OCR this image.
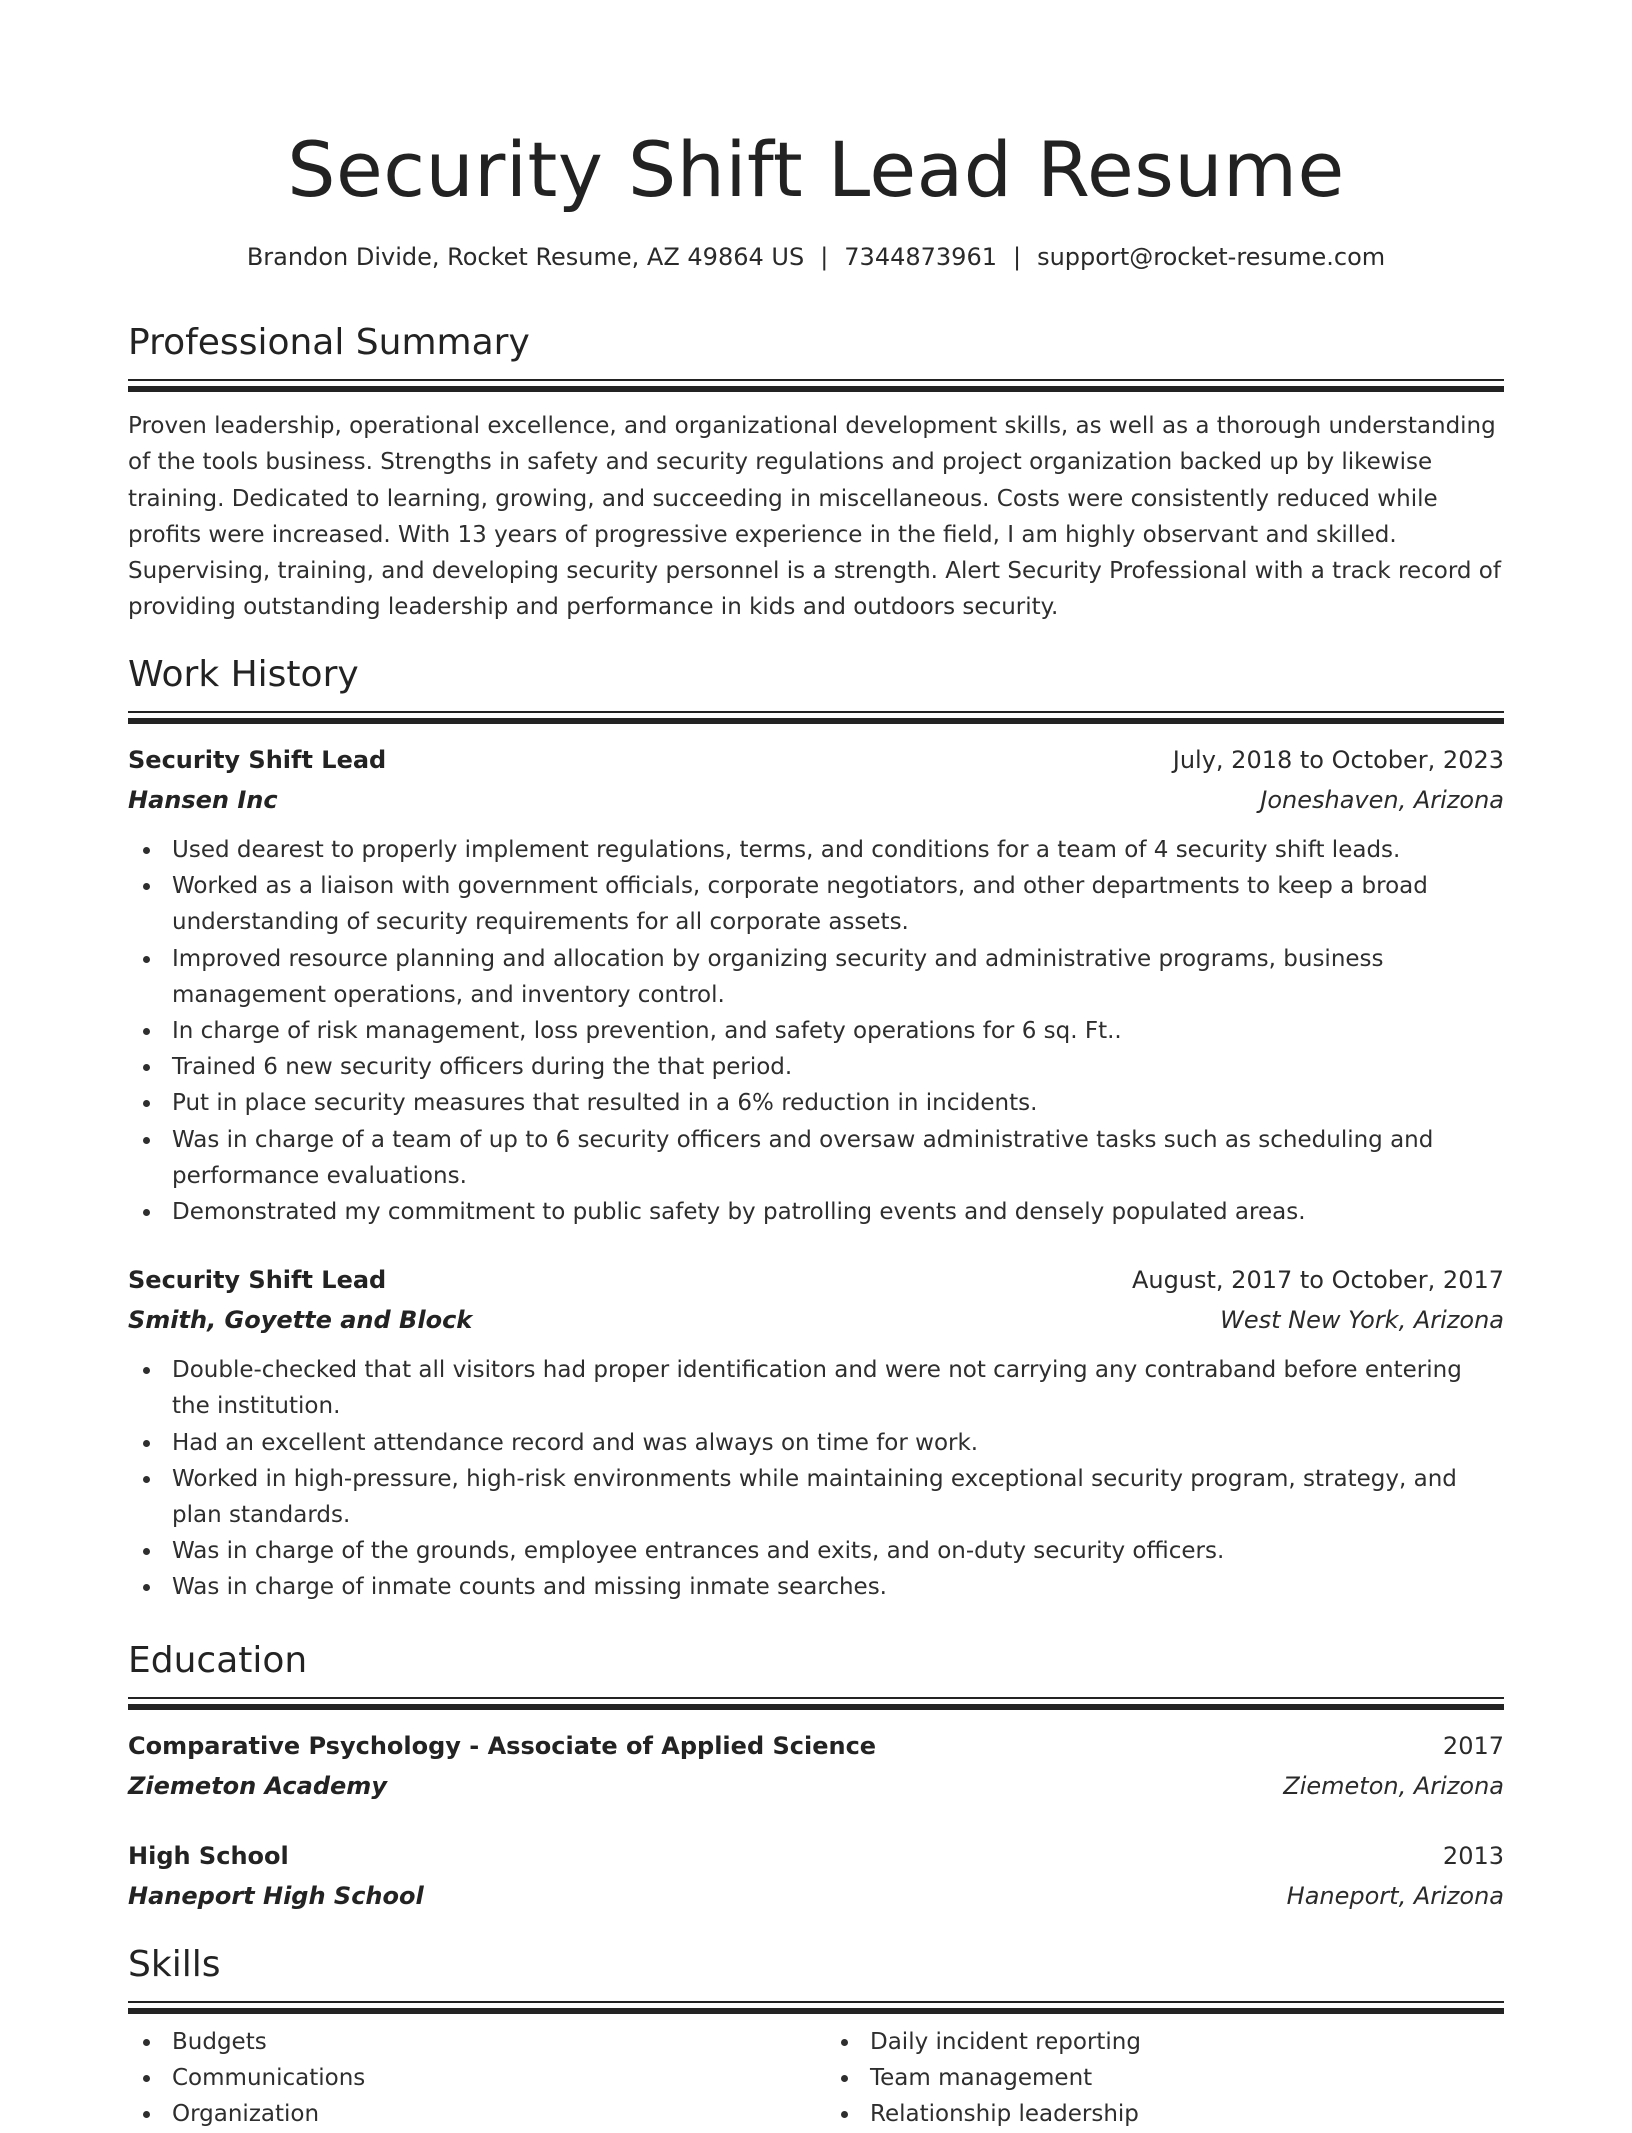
Security Shift Lead Resume
Brandon Divide, Rocket Resume, AZ 49864 US | 7344873961 | support@rocket-resume.com
Professional Summary

Proven leadership, operational excellence, and organizational development skills, as well as a thorough understanding of the tools business. Strengths in safety and security regulations and project organization backed up by likewise training. Dedicated to learning, growing, and succeeding in miscellaneous. Costs were consistently reduced while profits were increased. With 13 years of progressive experience in the field, I am highly observant and skilled. Supervising, training, and developing security personnel is a strength. Alert Security Professional with a track record of providing outstanding leadership and performance in kids and outdoors security.

Work History
Security Shift Lead	July, 2018 to October, 2023
Hansen Inc	Joneshaven, Arizona
Used dearest to properly implement regulations, terms, and conditions for a team of 4 security shift leads.
Worked as a liaison with government officials, corporate negotiators, and other departments to keep a broad understanding of security requirements for all corporate assets.
Improved resource planning and allocation by organizing security and administrative programs, business management operations, and inventory control.
In charge of risk management, loss prevention, and safety operations for 6 sq. Ft..
Trained 6 new security officers during the that period.
Put in place security measures that resulted in a 6% reduction in incidents.
Was in charge of a team of up to 6 security officers and oversaw administrative tasks such as scheduling and performance evaluations.
Demonstrated my commitment to public safety by patrolling events and densely populated areas.
Security Shift Lead	August, 2017 to October, 2017
Smith, Goyette and Block	West New York, Arizona
Double-checked that all visitors had proper identification and were not carrying any contraband before entering the institution.
Had an excellent attendance record and was always on time for work.
Worked in high-pressure, high-risk environments while maintaining exceptional security program, strategy, and plan standards.
Was in charge of the grounds, employee entrances and exits, and on-duty security officers.
Was in charge of inmate counts and missing inmate searches.
Education
Comparative Psychology - Associate of Applied Science	2017
Ziemeton Academy	Ziemeton, Arizona
High School	2013
Haneport High School	Haneport, Arizona
Skills
Budgets
Communications
Organization
Daily incident reporting
Team management
Relationship leadership
